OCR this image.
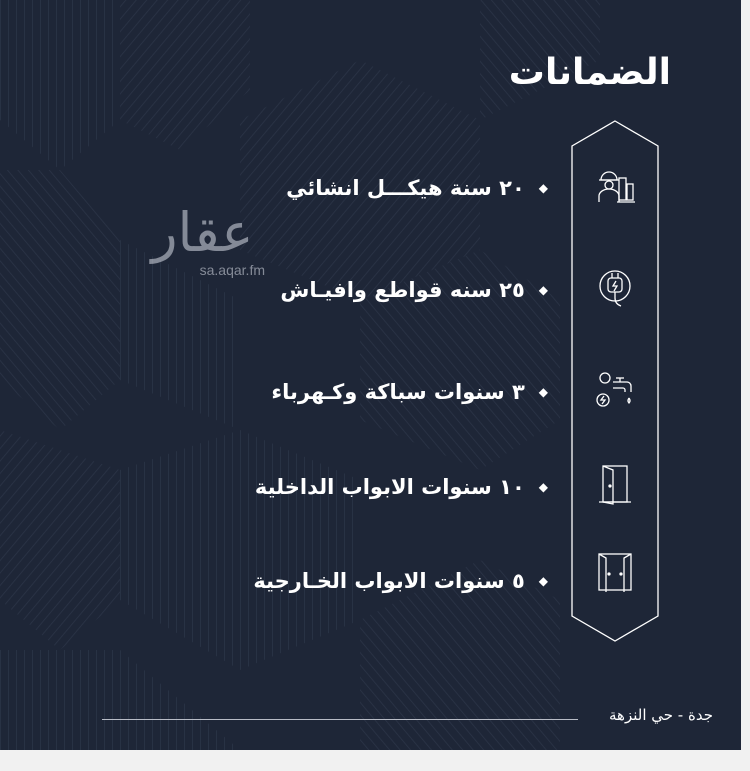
الضمانات
عقار
sa.aqar.fm
◆
٢٠ سنة هيكـــل انشائي
◆
٢٥ سنه قواطع وافيـاش
◆
٣ سنوات سباكة وكـهرباء
◆
١٠ سنوات الابواب الداخلية
◆
٥ سنوات الابواب الخـارجية
جدة - حي النزهة
